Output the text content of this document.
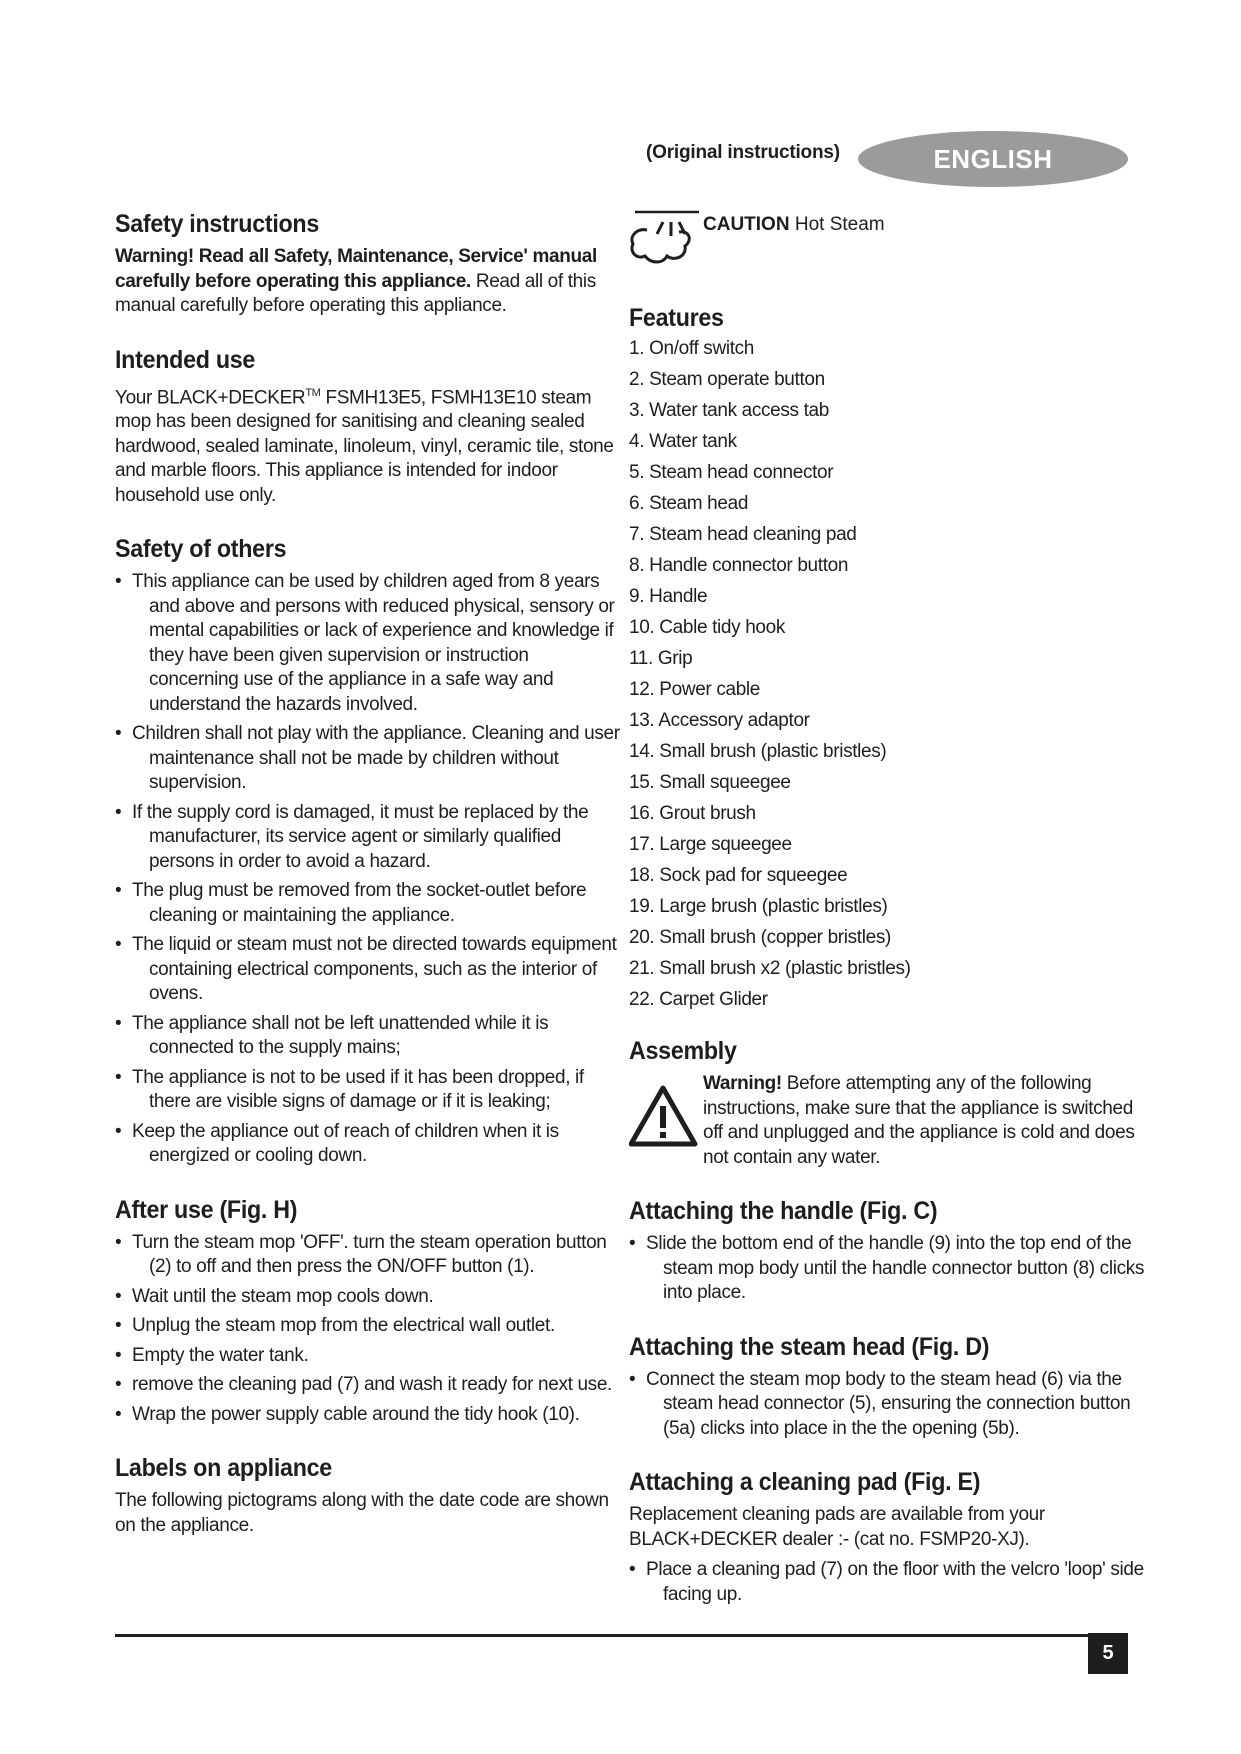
(Original instructions)	ENGLISH
Safety instructions

Warning! Read all Safety, Maintenance, Service' manual carefully before operating this appliance. Read all of this manual carefully before operating this appliance.

Intended use

Your BLACK+DECKER™ FSMH13E5, FSMH13E10 steam mop has been designed for sanitising and cleaning sealed hardwood, sealed laminate, linoleum, vinyl, ceramic tile, stone and marble floors. This appliance is intended for indoor household use only.

Safety of others
• This appliance can be used by children aged from 8 years and above and persons with reduced physical, sensory or mental capabilities or lack of experience and knowledge if they have been given supervision or instruction concerning use of the appliance in a safe way and understand the hazards involved.
• Children shall not play with the appliance. Cleaning and user maintenance shall not be made by children without supervision.
• If the supply cord is damaged, it must be replaced by the manufacturer, its service agent or similarly qualified persons in order to avoid a hazard.
• The plug must be removed from the socket-outlet before cleaning or maintaining the appliance.
• The liquid or steam must not be directed towards equipment containing electrical components, such as the interior of ovens.
• The appliance shall not be left unattended while it is connected to the supply mains;
• The appliance is not to be used if it has been dropped, if there are visible signs of damage or if it is leaking;
• Keep the appliance out of reach of children when it is energized or cooling down.
After use (Fig. H)
• Turn the steam mop 'OFF'. turn the steam operation button (2) to off and then press the ON/OFF button (1).
• Wait until the steam mop cools down.
• Unplug the steam mop from the electrical wall outlet.
• Empty the water tank.
• remove the cleaning pad (7) and wash it ready for next use.
• Wrap the power supply cable around the tidy hook (10).
Labels on appliance

The following pictograms along with the date code are shown on the appliance.

CAUTION Hot Steam
Features
1. On/off switch
2. Steam operate button
3. Water tank access tab
4. Water tank
5. Steam head connector
6. Steam head
7. Steam head cleaning pad
8. Handle connector button
9. Handle
10. Cable tidy hook
11. Grip
12. Power cable
13. Accessory adaptor
14. Small brush (plastic bristles)
15. Small squeegee
16. Grout brush
17. Large squeegee
18. Sock pad for squeegee
19. Large brush (plastic bristles)
20. Small brush (copper bristles)
21. Small brush x2 (plastic bristles)
22. Carpet Glider
Assembly

Warning! Before attempting any of the following instructions, make sure that the appliance is switched off and unplugged and the appliance is cold and does not contain any water.

Attaching the handle (Fig. C)
• Slide the bottom end of the handle (9) into the top end of the steam mop body until the handle connector button (8) clicks into place.
Attaching the steam head (Fig. D)
• Connect the steam mop body to the steam head (6) via the steam head connector (5), ensuring the connection button (5a) clicks into place in the the opening (5b).
Attaching a cleaning pad (Fig. E)

Replacement cleaning pads are available from your BLACK+DECKER dealer :- (cat no. FSMP20-XJ).

• Place a cleaning pad (7) on the floor with the velcro 'loop' side facing up.
5
